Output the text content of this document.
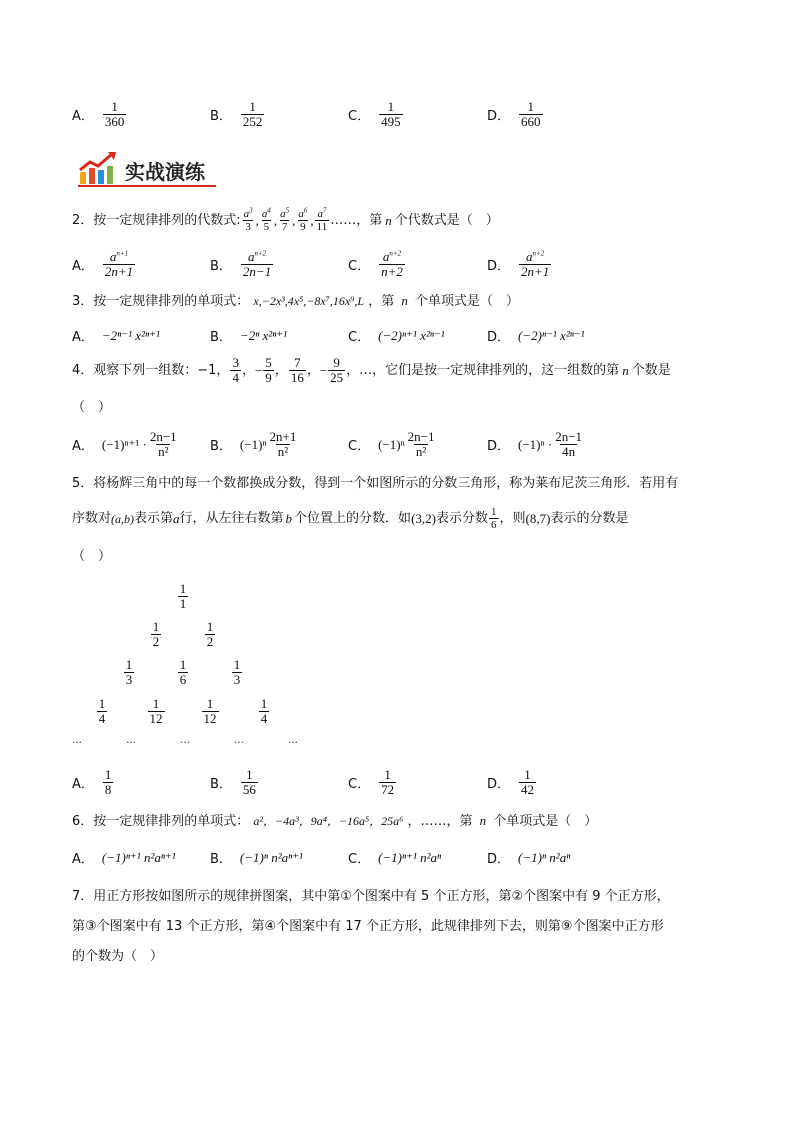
A． $\frac{1}{360}$	B． $\frac{1}{252}$	C． $\frac{1}{495}$	D． $\frac{1}{660}$
实战演练
2．按一定规律排列的代数式: $\frac{a^3}{3}$ , $\frac{a^4}{5}$ , $\frac{a^5}{7}$ , $\frac{a^6}{9}$ , $\frac{a^7}{11}$ ……，第 n 个代数式是（　）
A． $\frac{a^{n+1}}{2n+1}$	B． $\frac{a^{n+2}}{2n-1}$	C． $\frac{a^{n+2}}{n+2}$	D． $\frac{a^{n+2}}{2n+1}$
3．按一定规律排列的单项式： x,−2x³,4x⁵,−8x⁷,16x⁹,L ，第 n 个单项式是（　）
A． −2ⁿ⁻¹ x²ⁿ⁺¹	B． −2ⁿ x²ⁿ⁺¹	C． (−2)ⁿ⁺¹ x²ⁿ⁻¹	D． (−2)ⁿ⁻¹ x²ⁿ⁻¹
4．观察下列一组数：−1， $\frac{3}{4}$ ， − $\frac{5}{9}$ ， $\frac{7}{16}$ ， − $\frac{9}{25}$ ，…，它们是按一定规律排列的，这一组数的第 n 个数是
（　）
A． $(-1)^{n+1} \cdot \frac{2n-1}{\text{n²}}$ B． $(-1)^n \frac{2n+1}{\text{n²}}$	C． $(-1)^n \frac{2n-1}{\text{n²}}$	D． $(-1)^n \cdot \frac{2n-1}{4n}$
5．将杨辉三角中的每一个数都换成分数，得到一个如图所示的分数三角形，称为莱布尼茨三角形．若用有
序数对 (a,b) 表示第 a 行，从左往右数第 b 个位置上的分数．如 (3,2) 表示分数 $\frac{1}{6}$ ，则 (8,7) 表示的分数是
（　）
$\frac{1}{1}$
$\frac{1}{2}$	$\frac{1}{2}$
$\frac{1}{3}$	$\frac{1}{6}$	$\frac{1}{3}$
$\frac{1}{4}$	$\frac{1}{12}$	$\frac{1}{12}$	$\frac{1}{4}$
…	…	…	…	…
A． $\frac{1}{8}$	B． $\frac{1}{56}$	C． $\frac{1}{72}$	D． $\frac{1}{42}$
6．按一定规律排列的单项式： a²，−4a³，9a⁴，−16a⁵，25a⁶ ，……，第 n 个单项式是（　）
A． (−1)ⁿ⁺¹ n²aⁿ⁺¹	B． (−1)ⁿ n²aⁿ⁺¹	C． (−1)ⁿ⁺¹ n²aⁿ	D． (−1)ⁿ n²aⁿ
7．用正方形按如图所示的规律拼图案，其中第①个图案中有 5 个正方形，第②个图案中有 9 个正方形，
第③个图案中有 13 个正方形，第④个图案中有 17 个正方形，此规律排列下去，则第⑨个图案中正方形
的个数为（　）
